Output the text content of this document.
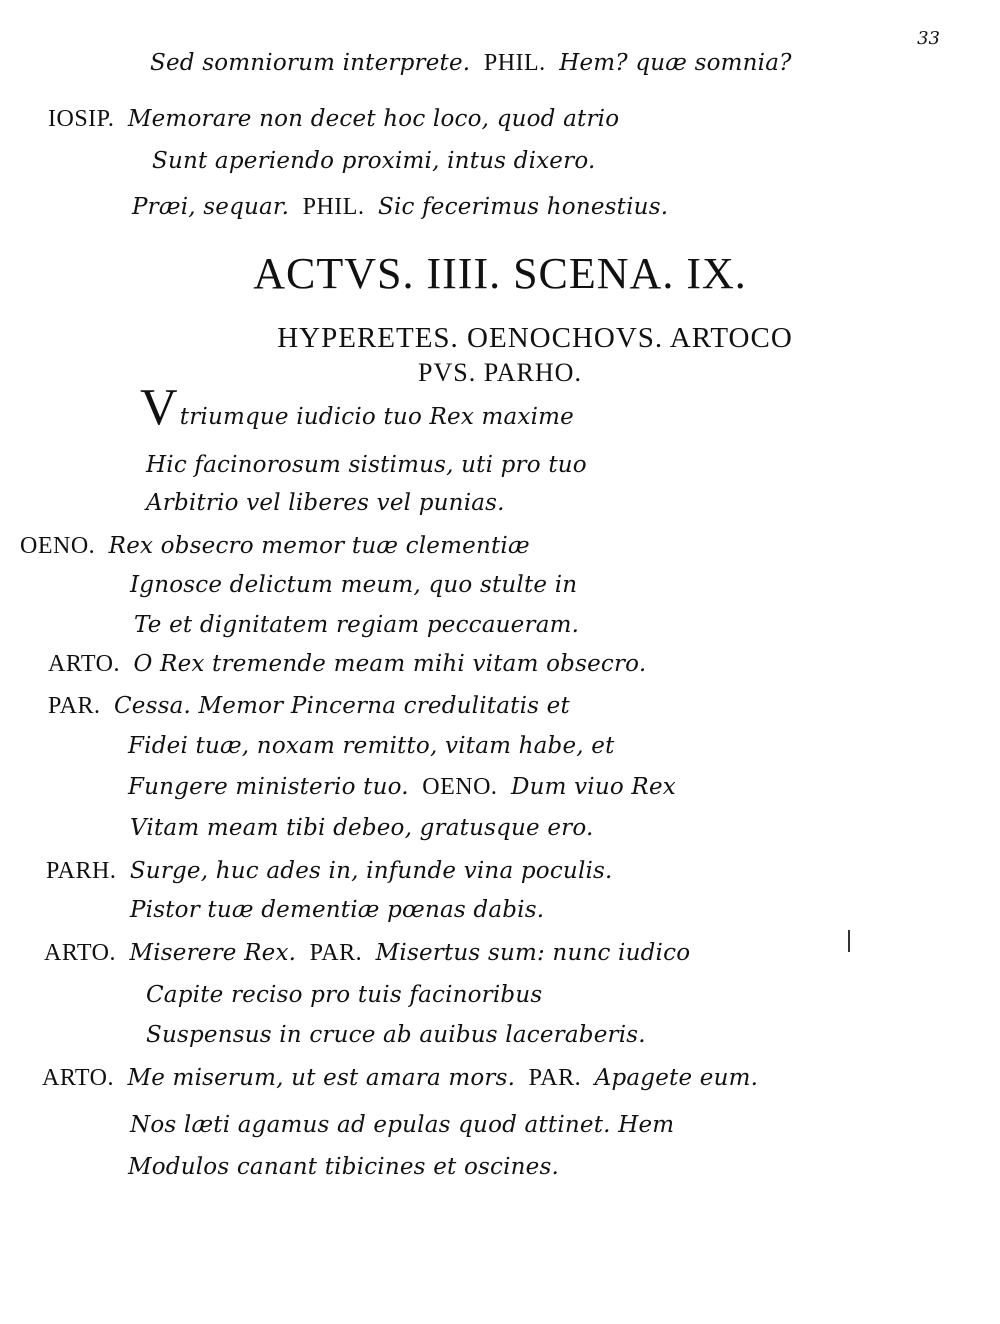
33
Sed somniorum interprete. PHIL. Hem? quæ somnia?
IOSIP. Memorare non decet hoc loco, quod atrio
Sunt aperiendo proximi, intus dixero.
Præi, sequar. PHIL. Sic fecerimus honestius.
ACTVS. IIII. SCENA. IX.
HYPERETES. OENOCHOVS. ARTOCO
PVS. PARHO.
Vtriumque iudicio tuo Rex maxime
Hic facinorosum sistimus, uti pro tuo
Arbitrio vel liberes vel punias.
OENO. Rex obsecro memor tuæ clementiæ
Ignosce delictum meum, quo stulte in
Te et dignitatem regiam peccaueram.
ARTO. O Rex tremende meam mihi vitam obsecro.
PAR. Cessa. Memor Pincerna credulitatis et
Fidei tuæ, noxam remitto, vitam habe, et
Fungere ministerio tuo. OENO. Dum viuo Rex
Vitam meam tibi debeo, gratusque ero.
PARH. Surge, huc ades in, infunde vina poculis.
Pistor tuæ dementiæ pœnas dabis.
ARTO. Miserere Rex. PAR. Misertus sum: nunc iudico
Capite reciso pro tuis facinoribus
Suspensus in cruce ab auibus laceraberis.
ARTO. Me miserum, ut est amara mors. PAR. Apagete eum.
Nos læti agamus ad epulas quod attinet. Hem
Modulos canant tibicines et oscines.
